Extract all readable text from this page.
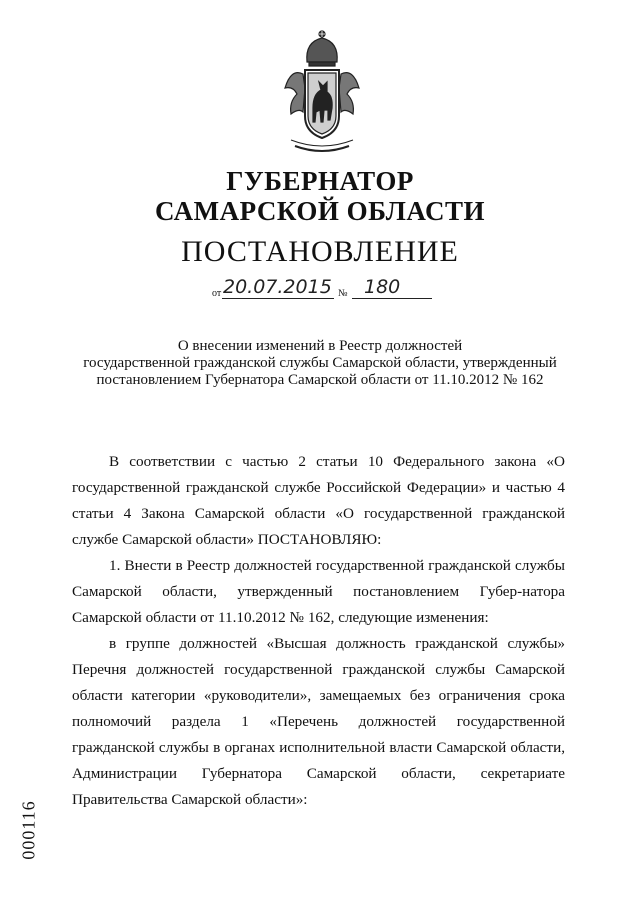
ГУБЕРНАТОР
САМАРСКОЙ ОБЛАСТИ
ПОСТАНОВЛЕНИЕ
от 20.07.2015 № 180
О внесении изменений в Реестр должностей
государственной гражданской службы Самарской области, утвержденный
постановлением Губернатора Самарской области от 11.10.2012 № 162

В соответствии с частью 2 статьи 10 Федерального закона «О государственной гражданской службе Российской Федерации» и частью 4 статьи 4 Закона Самарской области «О государственной гражданской службе Самарской области» ПОСТАНОВЛЯЮ:

1. Внести в Реестр должностей государственной гражданской службы Самарской области, утвержденный постановлением Губер-натора Самарской области от 11.10.2012 № 162, следующие изменения:

в группе должностей «Высшая должность гражданской службы» Перечня должностей государственной гражданской службы Самарской области категории «руководители», замещаемых без ограничения срока полномочий раздела 1 «Перечень должностей государственной гражданской службы в органах исполнительной власти Самарской области, Администрации Губернатора Самарской области, секретариате Правительства Самарской области»:

000116
